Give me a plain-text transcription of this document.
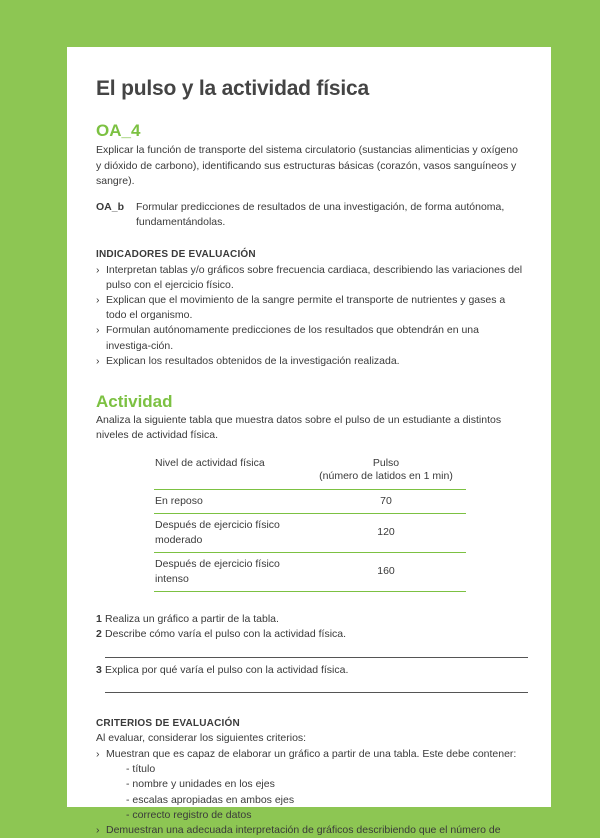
El pulso y la actividad física
OA_4

Explicar la función de transporte del sistema circulatorio (sustancias alimenticias y oxígeno y dióxido de carbono), identificando sus estructuras básicas (corazón, vasos sanguíneos y sangre).

OA_b	Formular predicciones de resultados de una investigación, de forma autónoma, fundamentándolas.
INDICADORES DE EVALUACIÓN
› Interpretan tablas y/o gráficos sobre frecuencia cardiaca, describiendo las variaciones del pulso con el ejercicio físico.
› Explican que el movimiento de la sangre permite el transporte de nutrientes y gases a todo el organismo.
› Formulan autónomamente predicciones de los resultados que obtendrán en una investiga-ción.
› Explican los resultados obtenidos de la investigación realizada.
Actividad

Analiza la siguiente tabla que muestra datos sobre el pulso de un estudiante a distintos niveles de actividad física.

Nivel de actividad física	Pulso
(número de latidos en 1 min)

En reposo	70
Después de ejercicio físico moderado	120
Después de ejercicio físico intenso	160
1 Realiza un gráfico a partir de la tabla.
2 Describe cómo varía el pulso con la actividad física.
3 Explica por qué varía el pulso con la actividad física.
CRITERIOS DE EVALUACIÓN

Al evaluar, considerar los siguientes criterios:

› Muestran que es capaz de elaborar un gráfico a partir de una tabla. Este debe contener:
- título
- nombre y unidades en los ejes
- escalas apropiadas en ambos ejes
- correcto registro de datos
› Demuestran una adecuada interpretación de gráficos describiendo que el número de
